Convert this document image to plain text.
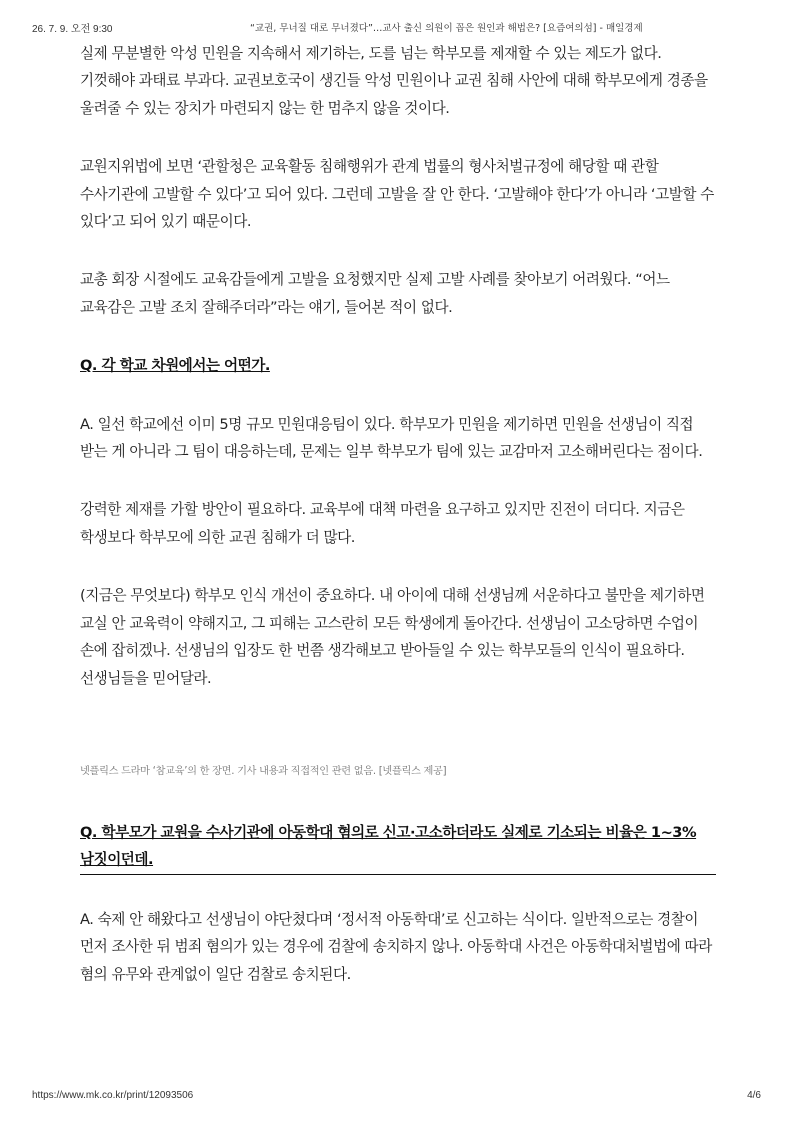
26. 7. 9. 오전 9:30	“교권, 무너질 대로 무너졌다”…교사 출신 의원이 꼽은 원인과 해법은? [요즘여의섬] - 매일경제

실제 무분별한 악성 민원을 지속해서 제기하는, 도를 넘는 학부모를 제재할 수 있는 제도가 없다. 기껏해야 과태료 부과다. 교권보호국이 생긴들 악성 민원이나 교권 침해 사안에 대해 학부모에게 경종을 울려줄 수 있는 장치가 마련되지 않는 한 멈추지 않을 것이다.

교원지위법에 보면 ‘관할청은 교육활동 침해행위가 관계 법률의 형사처벌규정에 해당할 때 관할 수사기관에 고발할 수 있다’고 되어 있다. 그런데 고발을 잘 안 한다. ‘고발해야 한다’가 아니라 ‘고발할 수 있다’고 되어 있기 때문이다.

교총 회장 시절에도 교육감들에게 고발을 요청했지만 실제 고발 사례를 찾아보기 어려웠다. “어느 교육감은 고발 조치 잘해주더라”라는 얘기, 들어본 적이 없다.

Q. 각 학교 차원에서는 어떤가.

A. 일선 학교에선 이미 5명 규모 민원대응팀이 있다. 학부모가 민원을 제기하면 민원을 선생님이 직접 받는 게 아니라 그 팀이 대응하는데, 문제는 일부 학부모가 팀에 있는 교감마저 고소해버린다는 점이다.

강력한 제재를 가할 방안이 필요하다. 교육부에 대책 마련을 요구하고 있지만 진전이 더디다. 지금은 학생보다 학부모에 의한 교권 침해가 더 많다.

(지금은 무엇보다) 학부모 인식 개선이 중요하다. 내 아이에 대해 선생님께 서운하다고 불만을 제기하면 교실 안 교육력이 약해지고, 그 피해는 고스란히 모든 학생에게 돌아간다. 선생님이 고소당하면 수업이 손에 잡히겠나. 선생님의 입장도 한 번쯤 생각해보고 받아들일 수 있는 학부모들의 인식이 필요하다. 선생님들을 믿어달라.

넷플릭스 드라마 ‘참교육’의 한 장면. 기사 내용과 직접적인 관련 없음. [넷플릭스 제공]

Q. 학부모가 교원을 수사기관에 아동학대 혐의로 신고·고소하더라도 실제로 기소되는 비율은 1~3% 남짓이던데.

A. 숙제 안 해왔다고 선생님이 야단쳤다며 ‘정서적 아동학대’로 신고하는 식이다. 일반적으로는 경찰이 먼저 조사한 뒤 범죄 혐의가 있는 경우에 검찰에 송치하지 않나. 아동학대 사건은 아동학대처벌법에 따라 혐의 유무와 관계없이 일단 검찰로 송치된다.

https://www.mk.co.kr/print/12093506	4/6
